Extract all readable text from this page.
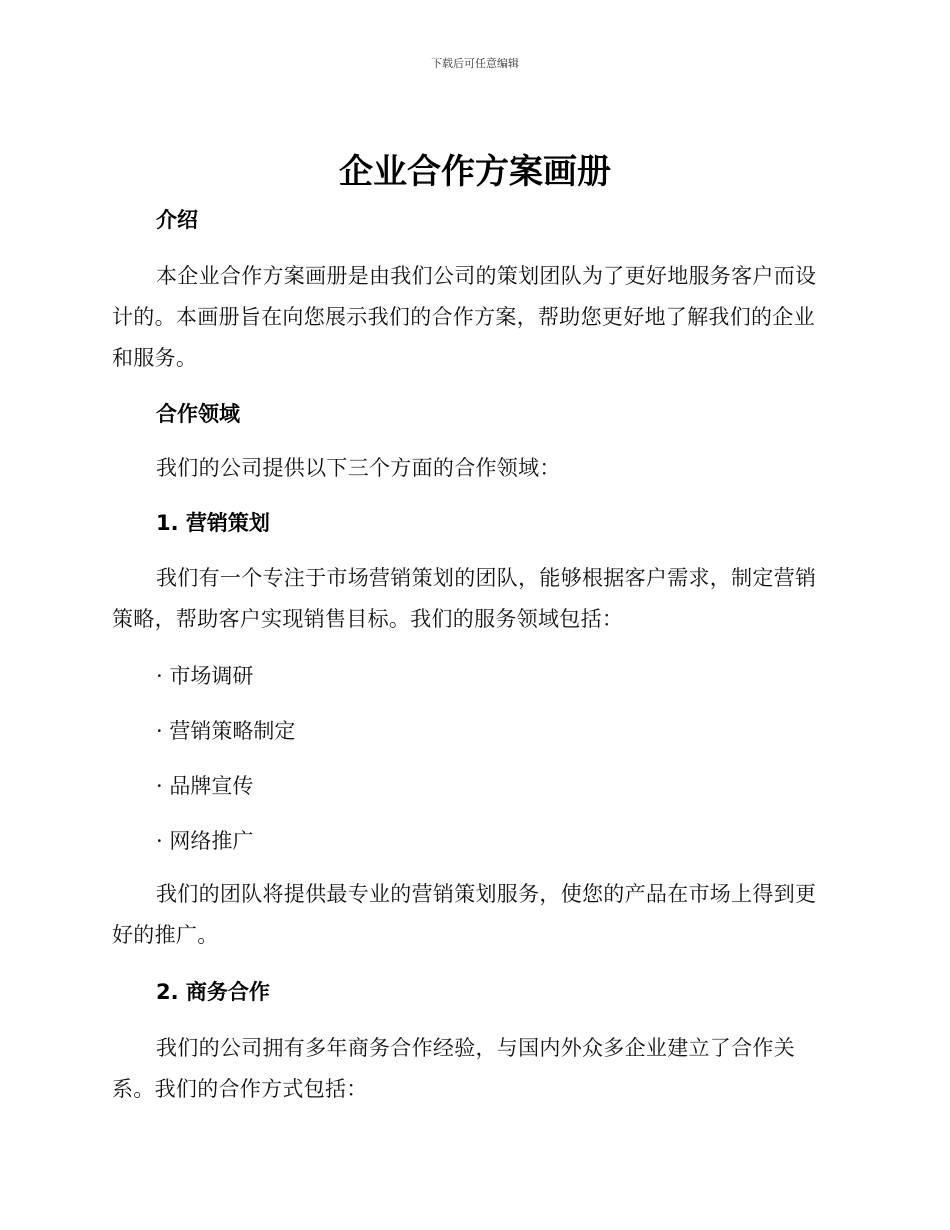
下载后可任意编辑
企业合作方案画册
介绍
本企业合作方案画册是由我们公司的策划团队为了更好地服务客户而设计的。本画册旨在向您展示我们的合作方案，帮助您更好地了解我们的企业和服务。
合作领域
我们的公司提供以下三个方面的合作领域：
1. 营销策划
我们有一个专注于市场营销策划的团队，能够根据客户需求，制定营销策略，帮助客户实现销售目标。我们的服务领域包括：
· 市场调研
· 营销策略制定
· 品牌宣传
· 网络推广
我们的团队将提供最专业的营销策划服务，使您的产品在市场上得到更好的推广。
2. 商务合作
我们的公司拥有多年商务合作经验，与国内外众多企业建立了合作关系。我们的合作方式包括：
